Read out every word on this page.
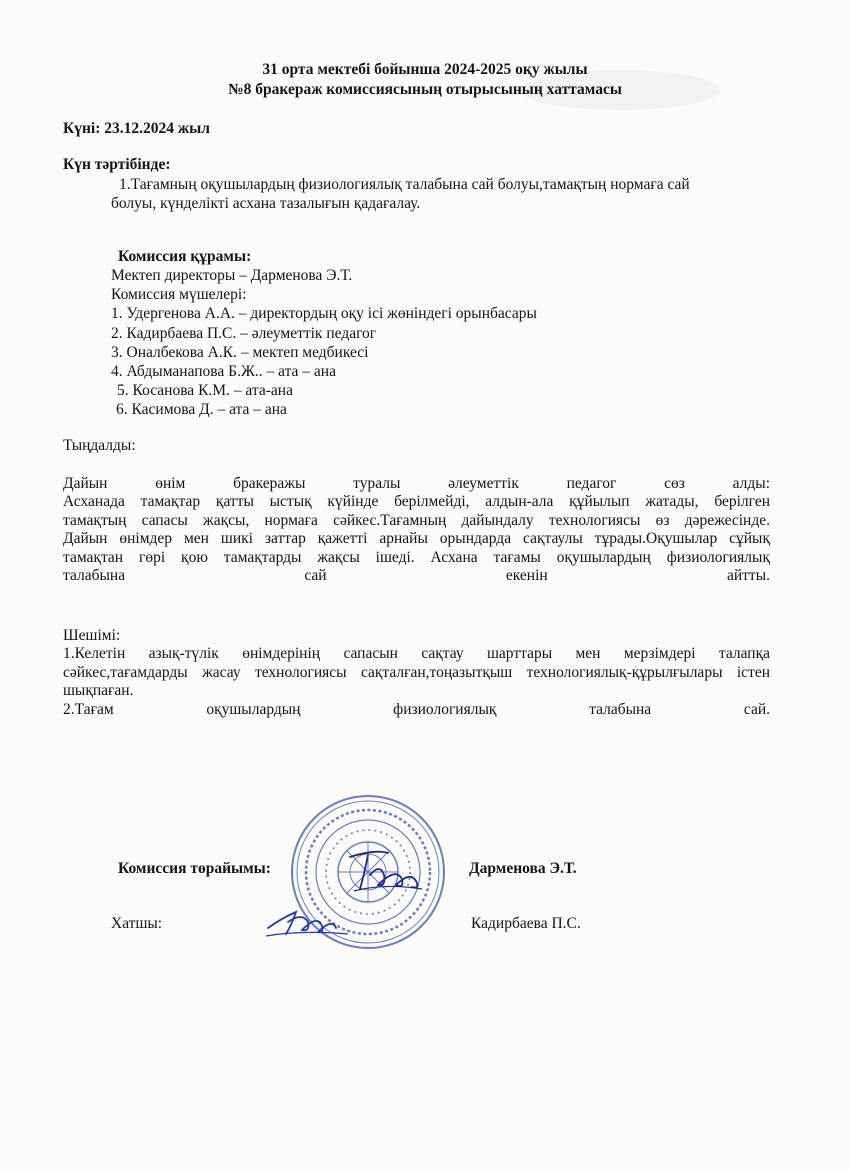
31 орта мектебі бойынша 2024-2025 оқу жылы
№8 бракераж комиссиясының отырысының хаттамасы
Күні: 23.12.2024 жыл
Күн тәртібінде:
1.Тағамның оқушылардың физиологиялық талабына сай болуы,тамақтың нормаға сай
болуы, күнделікті асхана тазалығын қадағалау.
Комиссия құрамы:
Мектеп директоры – Дарменова Э.Т.
Комиссия мүшелері:
1. Удергенова А.А. – директордың оқу ісі жөніндегі орынбасары
2. Кадирбаева П.С. – әлеуметтік педагог
3. Оналбекова А.К. – мектеп медбикесі
4. Абдыманапова Б.Ж.. – ата – ана
5. Косанова К.М. – ата-ана
6. Касимова Д. – ата – ана
Тыңдалды:
Дайын өнім бракеражы туралы әлеуметтік педагог сөз алды:
Асханада тамақтар қатты ыстық күйінде берілмейді, алдын-ала құйылып жатады, берілген
тамақтың сапасы жақсы, нормаға сәйкес.Тағамның дайындалу технологиясы өз дәрежесінде.
Дайын өнімдер мен шикі заттар қажетті арнайы орындарда сақтаулы тұрады.Оқушылар сұйық
тамақтан гөрі қою тамақтарды жақсы ішеді. Асхана тағамы оқушылардың физиологиялық
талабына сай екенін айтты.
Шешімі:
1.Келетін азық-түлік өнімдерінің сапасын сақтау шарттары мен мерзімдері талапқа
сәйкес,тағамдарды жасау технологиясы сақталған,тоңазытқыш технологиялық-құрылғылары істен
шықпаған.
2.Тағам оқушылардың физиологиялық талабына сай.
Комиссия төрайымы:	Дарменова Э.Т.
Хатшы:	Кадирбаева П.С.
